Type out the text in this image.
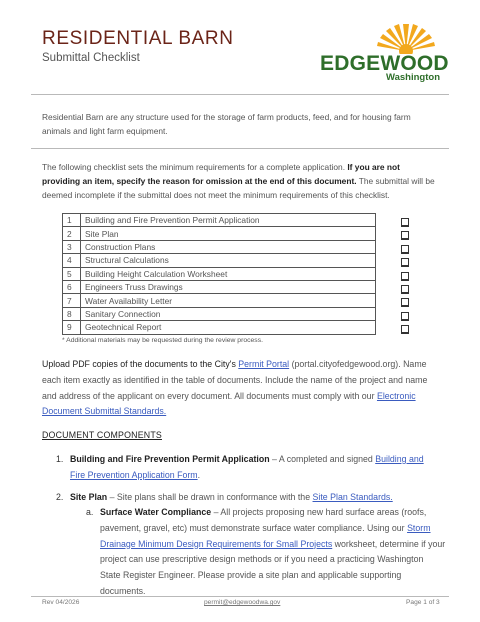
RESIDENTIAL BARN
Submittal Checklist	EDGEWOOD
Washington
Residential Barn are any structure used for the storage of farm products, feed, and for housing farm animals and light farm equipment.
The following checklist sets the minimum requirements for a complete application. If you are not providing an item, specify the reason for omission at the end of this document. The submittal will be deemed incomplete if the submittal does not meet the minimum requirements of this checklist.
1	Building and Fire Prevention Permit Application
2	Site Plan
3	Construction Plans
4	Structural Calculations
5	Building Height Calculation Worksheet
6	Engineers Truss Drawings
7	Water Availability Letter
8	Sanitary Connection
9	Geotechnical Report
* Additional materials may be requested during the review process.
Upload PDF copies of the documents to the City's Permit Portal (portal.cityofedgewood.org). Name each item exactly as identified in the table of documents. Include the name of the project and name and address of the applicant on every document. All documents must comply with our Electronic Document Submittal Standards.
DOCUMENT COMPONENTS
1. Building and Fire Prevention Permit Application – A completed and signed Building and Fire Prevention Application Form.
2. Site Plan – Site plans shall be drawn in conformance with the Site Plan Standards.
a. Surface Water Compliance – All projects proposing new hard surface areas (roofs, pavement, gravel, etc) must demonstrate surface water compliance. Using our Storm Drainage Minimum Design Requirements for Small Projects worksheet, determine if your project can use prescriptive design methods or if you need a practicing Washington State Register Engineer. Please provide a site plan and applicable supporting documents.
Rev 04/2026	permit@edgewoodwa.gov	Page 1 of 3
